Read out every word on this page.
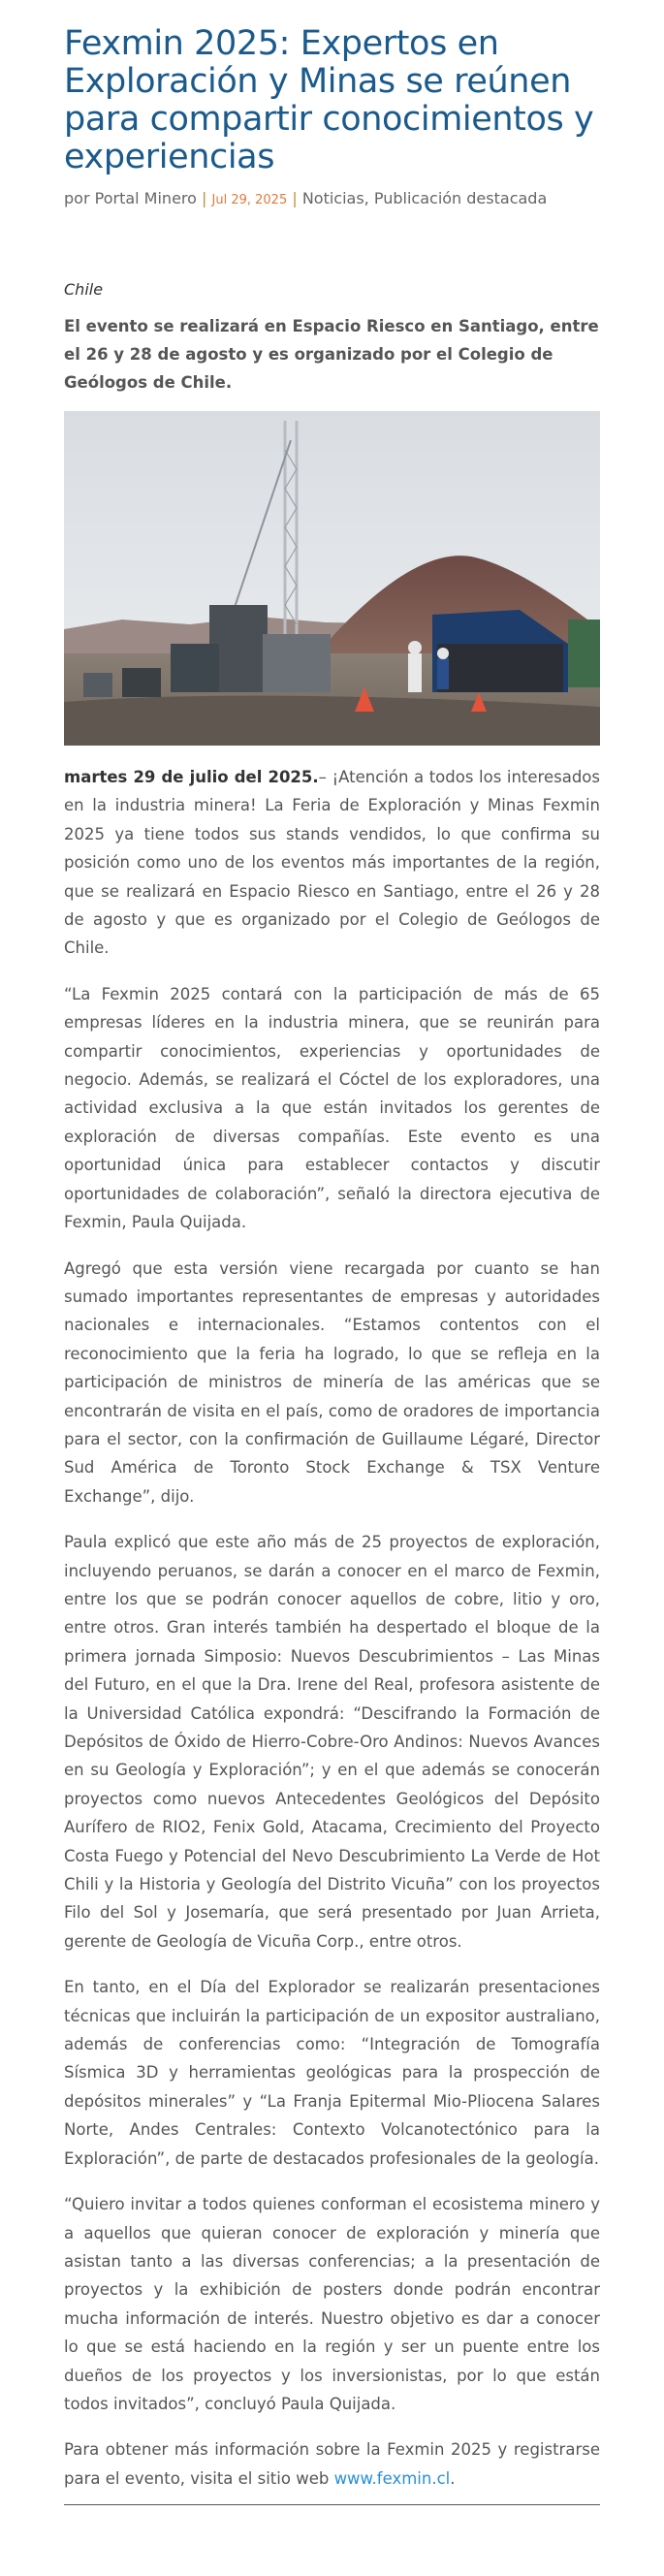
Fexmin 2025: Expertos en Exploración y Minas se reúnen para compartir conocimientos y experiencias
por Portal Minero | Jul 29, 2025 | Noticias, Publicación destacada
Chile
El evento se realizará en Espacio Riesco en Santiago, entre el 26 y 28 de agosto y es organizado por el Colegio de Geólogos de Chile.

martes 29 de julio del 2025.– ¡Atención a todos los interesados en la industria minera! La Feria de Exploración y Minas Fexmin 2025 ya tiene todos sus stands vendidos, lo que confirma su posición como uno de los eventos más importantes de la región, que se realizará en Espacio Riesco en Santiago, entre el 26 y 28 de agosto y que es organizado por el Colegio de Geólogos de Chile.

“La Fexmin 2025 contará con la participación de más de 65 empresas líderes en la industria minera, que se reunirán para compartir conocimientos, experiencias y oportunidades de negocio. Además, se realizará el Cóctel de los exploradores, una actividad exclusiva a la que están invitados los gerentes de exploración de diversas compañías. Este evento es una oportunidad única para establecer contactos y discutir oportunidades de colaboración”, señaló la directora ejecutiva de Fexmin, Paula Quijada.

Agregó que esta versión viene recargada por cuanto se han sumado importantes representantes de empresas y autoridades nacionales e internacionales. “Estamos contentos con el reconocimiento que la feria ha logrado, lo que se refleja en la participación de ministros de minería de las américas que se encontrarán de visita en el país, como de oradores de importancia para el sector, con la confirmación de Guillaume Légaré, Director Sud América de Toronto Stock Exchange & TSX Venture Exchange”, dijo.

Paula explicó que este año más de 25 proyectos de exploración, incluyendo peruanos, se darán a conocer en el marco de Fexmin, entre los que se podrán conocer aquellos de cobre, litio y oro, entre otros. Gran interés también ha despertado el bloque de la primera jornada Simposio: Nuevos Descubrimientos – Las Minas del Futuro, en el que la Dra. Irene del Real, profesora asistente de la Universidad Católica expondrá: “Descifrando la Formación de Depósitos de Óxido de Hierro-Cobre-Oro Andinos: Nuevos Avances en su Geología y Exploración”; y en el que además se conocerán proyectos como nuevos Antecedentes Geológicos del Depósito Aurífero de RIO2, Fenix Gold, Atacama, Crecimiento del Proyecto Costa Fuego y Potencial del Nevo Descubrimiento La Verde de Hot Chili y la Historia y Geología del Distrito Vicuña” con los proyectos Filo del Sol y Josemaría, que será presentado por Juan Arrieta, gerente de Geología de Vicuña Corp., entre otros.

En tanto, en el Día del Explorador se realizarán presentaciones técnicas que incluirán la participación de un expositor australiano, además de conferencias como: “Integración de Tomografía Sísmica 3D y herramientas geológicas para la prospección de depósitos minerales” y “La Franja Epitermal Mio-Pliocena Salares Norte, Andes Centrales: Contexto Volcanotectónico para la Exploración”, de parte de destacados profesionales de la geología.

“Quiero invitar a todos quienes conforman el ecosistema minero y a aquellos que quieran conocer de exploración y minería que asistan tanto a las diversas conferencias; a la presentación de proyectos y la exhibición de posters donde podrán encontrar mucha información de interés. Nuestro objetivo es dar a conocer lo que se está haciendo en la región y ser un puente entre los dueños de los proyectos y los inversionistas, por lo que están todos invitados”, concluyó Paula Quijada.

Para obtener más información sobre la Fexmin 2025 y registrarse para el evento, visita el sitio web www.fexmin.cl.
